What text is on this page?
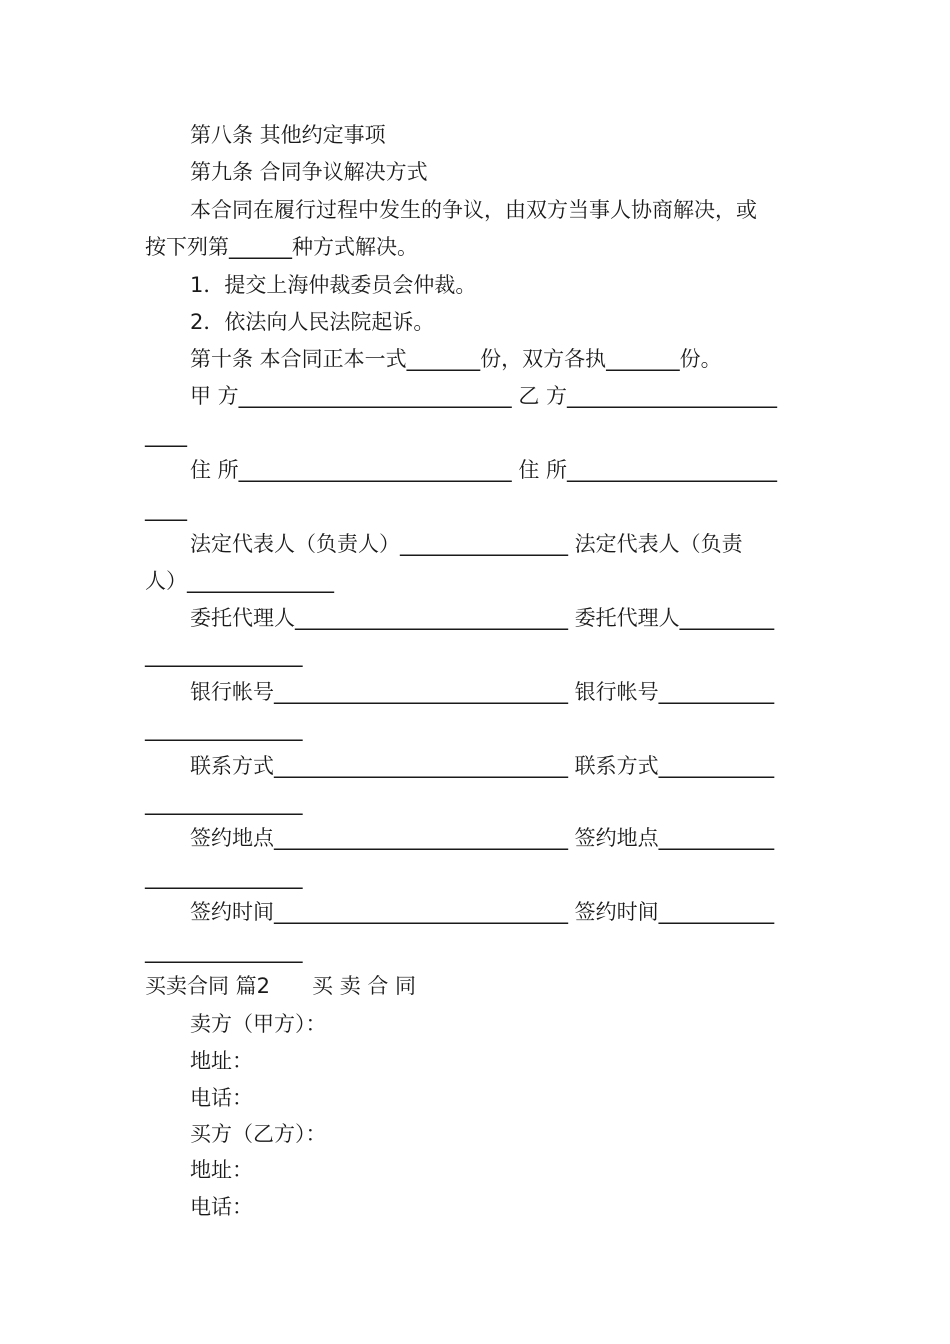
第八条 其他约定事项
第九条 合同争议解决方式
本合同在履行过程中发生的争议，由双方当事人协商解决，或
按下列第______种方式解决。
1．提交上海仲裁委员会仲裁。
2．依法向人民法院起诉。
第十条 本合同正本一式_______份，双方各执_______份。
甲 方__________________________ 乙 方____________________
____
住 所__________________________ 住 所____________________
____
法定代表人（负责人）________________ 法定代表人（负责
人）______________
委托代理人__________________________ 委托代理人_________
_______________
银行帐号____________________________ 银行帐号___________
_______________
联系方式____________________________ 联系方式___________
_______________
签约地点____________________________ 签约地点___________
_______________
签约时间____________________________ 签约时间___________
_______________
买卖合同 篇2　　买 卖 合 同
卖方（甲方）：
地址：
电话：
买方（乙方）：
地址：
电话：
